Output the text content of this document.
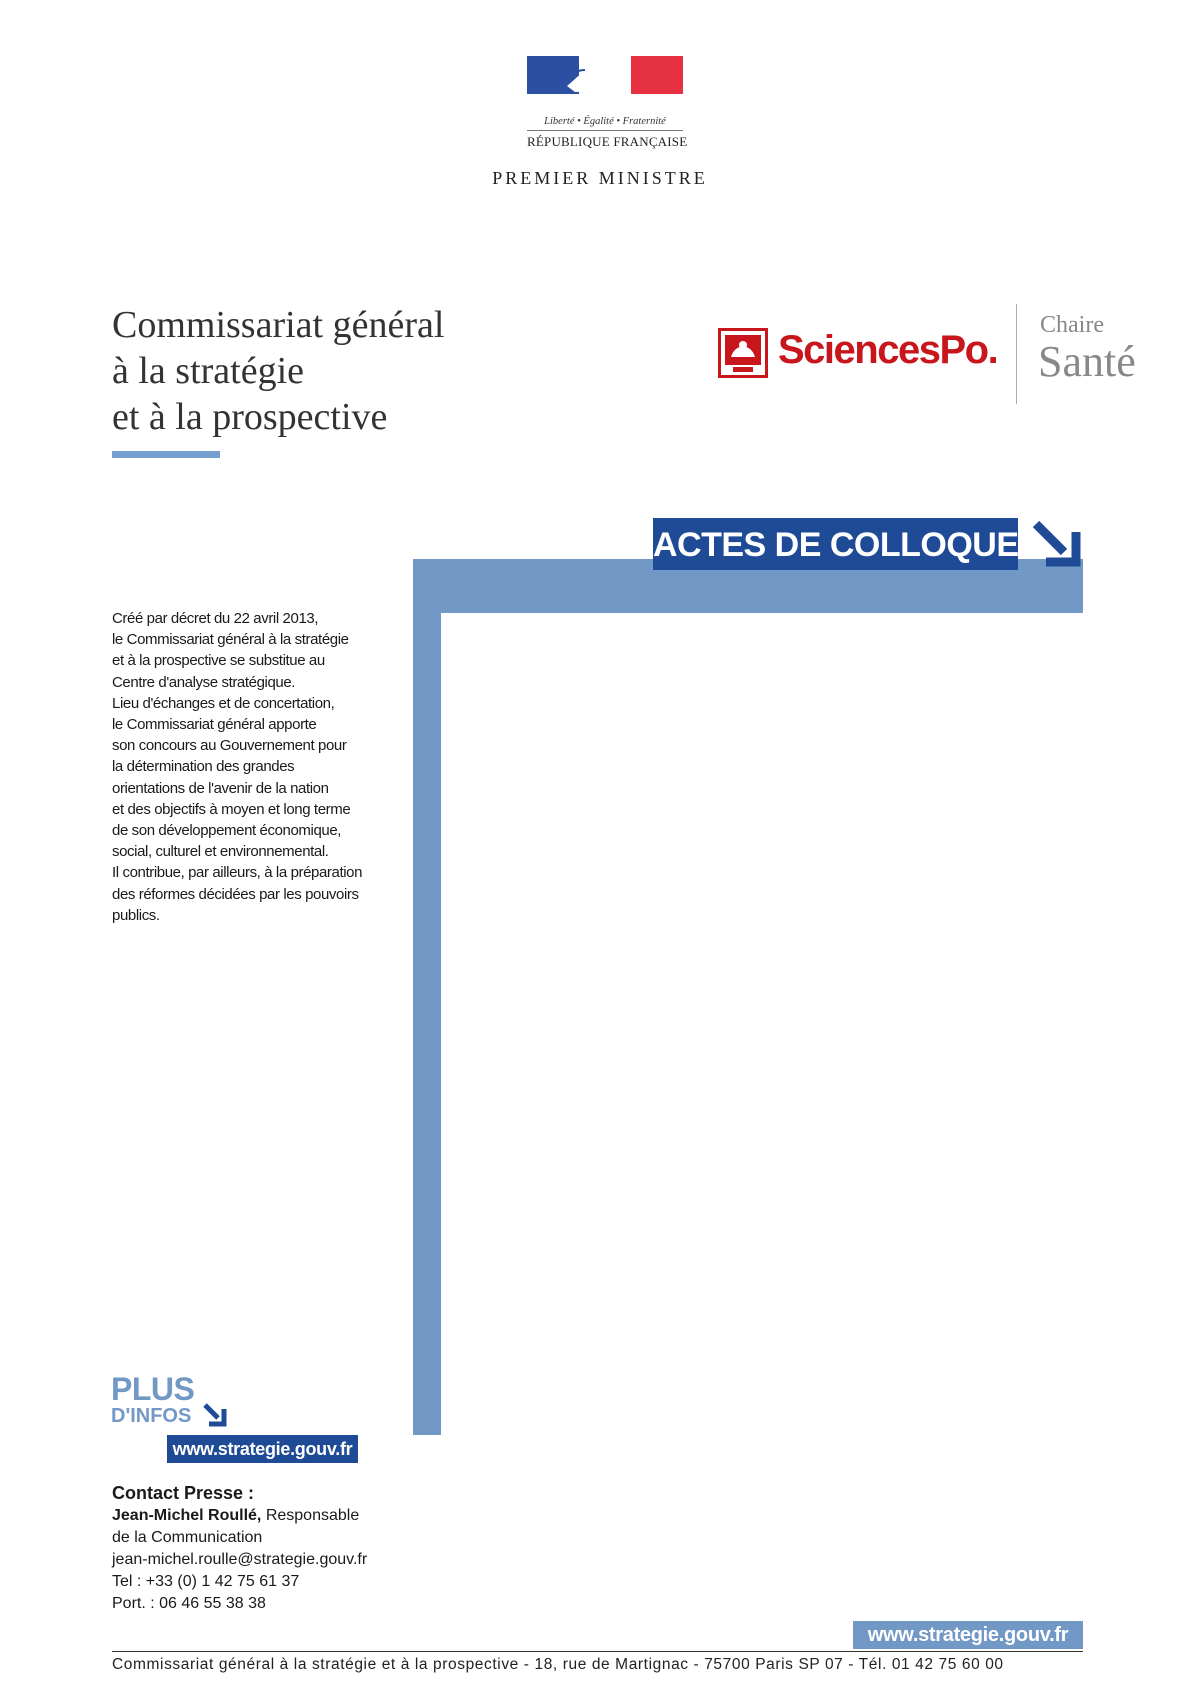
Liberté • Égalité • Fraternité
RÉPUBLIQUE FRANÇAISE
PREMIER MINISTRE
Commissariat général
à la stratégie
et à la prospective
SciencesPo.
Chaire
Santé
ACTES DE COLLOQUE
Créé par décret du 22 avril 2013,
le Commissariat général à la stratégie
et à la prospective se substitue au
Centre d'analyse stratégique.
Lieu d'échanges et de concertation,
le Commissariat général apporte
son concours au Gouvernement pour
la détermination des grandes
orientations de l'avenir de la nation
et des objectifs à moyen et long terme
de son développement économique,
social, culturel et environnemental.
Il contribue, par ailleurs, à la préparation
des réformes décidées par les pouvoirs
publics.
PLUS
D'INFOS
www.strategie.gouv.fr
Contact Presse :
Jean-Michel Roullé, Responsable
de la Communication
jean-michel.roulle@strategie.gouv.fr
Tel : +33 (0) 1 42 75 61 37
Port. : 06 46 55 38 38
www.strategie.gouv.fr
Commissariat général à la stratégie et à la prospective - 18, rue de Martignac - 75700 Paris SP 07 - Tél. 01 42 75 60 00
